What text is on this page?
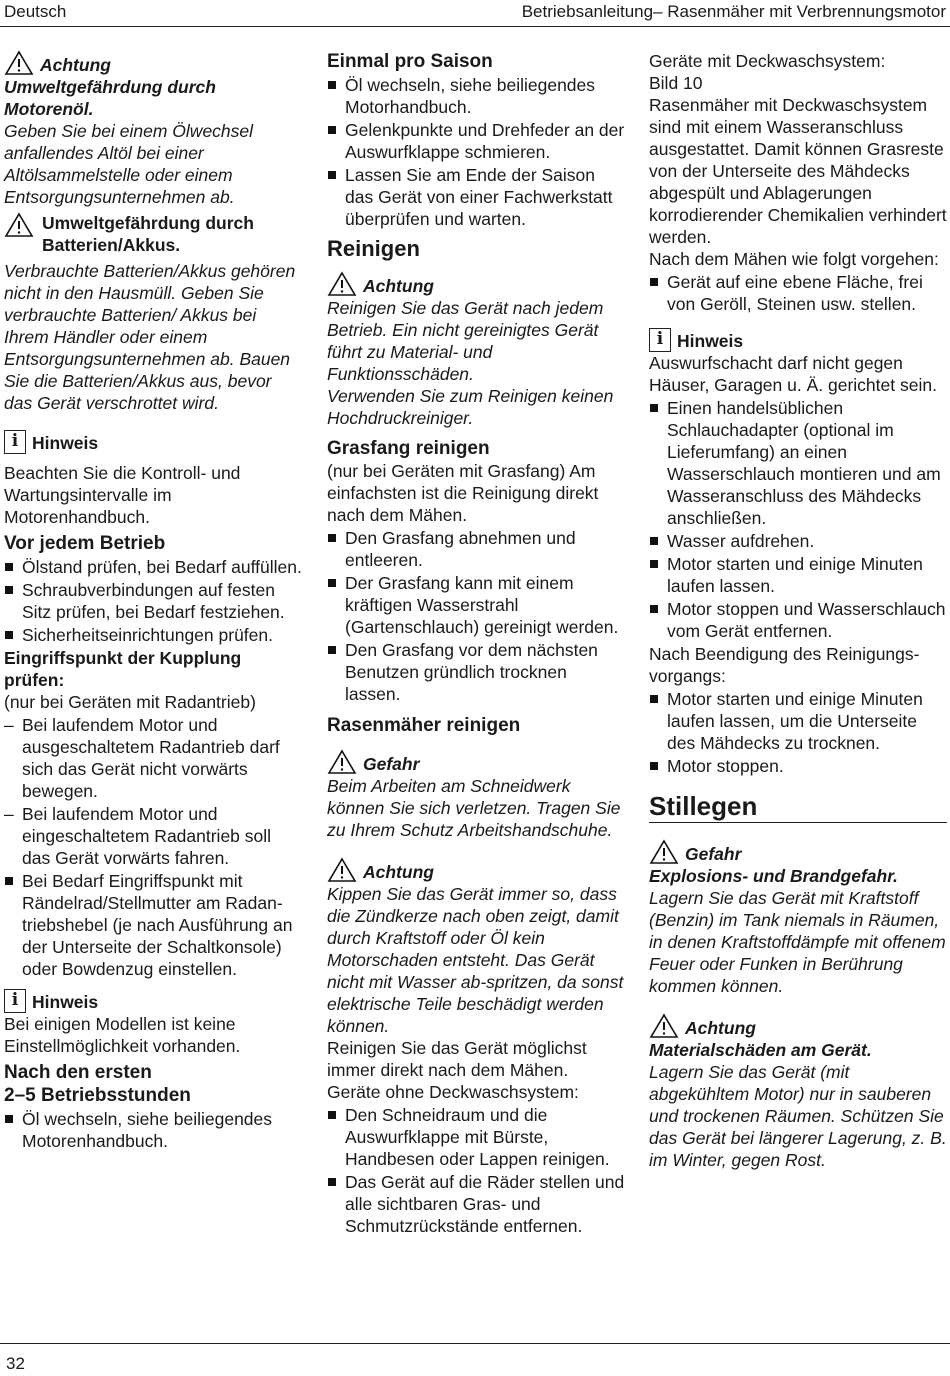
Deutsch	Betriebsanleitung– Rasenmäher mit Verbrennungsmotor
Achtung

Umweltgefährdung durch Motorenöl.

Geben Sie bei einem Ölwechsel anfallendes Altöl bei einer Altölsammelstelle oder einem Entsorgungsunternehmen ab.

Umweltgefährdung durch Batterien/Akkus.

Verbrauchte Batterien/Akkus gehören nicht in den Hausmüll. Geben Sie verbrauchte Batterien/ Akkus bei Ihrem Händler oder einem Entsorgungsunternehmen ab. Bauen Sie die Batterien/Akkus aus, bevor das Gerät verschrottet wird.

i Hinweis

Beachten Sie die Kontroll- und Wartungsintervalle im Motorenhandbuch.

Vor jedem Betrieb

Ölstand prüfen, bei Bedarf auffüllen.
Schraubverbindungen auf festen Sitz prüfen, bei Bedarf festziehen.
Sicherheitseinrichtungen prüfen.

Eingriffspunkt der Kupplung prüfen:

(nur bei Geräten mit Radantrieb)

– Bei laufendem Motor und ausgeschaltetem Radantrieb darf sich das Gerät nicht vorwärts bewegen.
– Bei laufendem Motor und eingeschaltetem Radantrieb soll das Gerät vorwärts fahren.
Bei Bedarf Eingriffspunkt mit Rändelrad/Stellmutter am Radan-triebshebel (je nach Ausführung an der Unterseite der Schaltkonsole) oder Bowdenzug einstellen.
i Hinweis

Bei einigen Modellen ist keine Einstellmöglichkeit vorhanden.

Nach den ersten

2–5 Betriebsstunden

Öl wechseln, siehe beiliegendes Motorenhandbuch.

Einmal pro Saison

Öl wechseln, siehe beiliegendes Motorhandbuch.
Gelenkpunkte und Drehfeder an der Auswurfklappe schmieren.
Lassen Sie am Ende der Saison das Gerät von einer Fachwerkstatt überprüfen und warten.

Reinigen

Achtung

Reinigen Sie das Gerät nach jedem Betrieb. Ein nicht gereinigtes Gerät führt zu Material- und Funktionsschäden.

Verwenden Sie zum Reinigen keinen Hochdruckreiniger.

Grasfang reinigen

(nur bei Geräten mit Grasfang) Am einfachsten ist die Reinigung direkt nach dem Mähen.

Den Grasfang abnehmen und entleeren.
Der Grasfang kann mit einem kräftigen Wasserstrahl (Gartenschlauch) gereinigt werden.
Den Grasfang vor dem nächsten Benutzen gründlich trocknen lassen.

Rasenmäher reinigen

Gefahr

Beim Arbeiten am Schneidwerk können Sie sich verletzen. Tragen Sie zu Ihrem Schutz Arbeitshandschuhe.

Achtung

Kippen Sie das Gerät immer so, dass die Zündkerze nach oben zeigt, damit durch Kraftstoff oder Öl kein Motorschaden entsteht. Das Gerät nicht mit Wasser ab-spritzen, da sonst elektrische Teile beschädigt werden können.

Reinigen Sie das Gerät möglichst immer direkt nach dem Mähen.

Geräte ohne Deckwaschsystem:

Den Schneidraum und die Auswurfklappe mit Bürste, Handbesen oder Lappen reinigen.
Das Gerät auf die Räder stellen und alle sichtbaren Gras- und Schmutzrückstände entfernen.

Geräte mit Deckwaschsystem:

Bild 10

Rasenmäher mit Deckwaschsystem sind mit einem Wasseranschluss ausgestattet. Damit können Grasreste von der Unterseite des Mähdecks abgespült und Ablagerungen korrodierender Chemikalien verhindert werden.

Nach dem Mähen wie folgt vorgehen:

Gerät auf eine ebene Fläche, frei von Geröll, Steinen usw. stellen.
i Hinweis

Auswurfschacht darf nicht gegen Häuser, Garagen u. Ä. gerichtet sein.

Einen handelsüblichen Schlauchadapter (optional im Lieferumfang) an einen Wasserschlauch montieren und am Wasseranschluss des Mähdecks anschließen.
Wasser aufdrehen.
Motor starten und einige Minuten laufen lassen.
Motor stoppen und Wasserschlauch vom Gerät entfernen.

Nach Beendigung des Reinigungs-vorgangs:

Motor starten und einige Minuten laufen lassen, um die Unterseite des Mähdecks zu trocknen.
Motor stoppen.

Stillegen

Gefahr

Explosions- und Brandgefahr.

Lagern Sie das Gerät mit Kraftstoff (Benzin) im Tank niemals in Räumen, in denen Kraftstoffdämpfe mit offenem Feuer oder Funken in Berührung kommen können.

Achtung

Materialschäden am Gerät.

Lagern Sie das Gerät (mit abgekühltem Motor) nur in sauberen und trockenen Räumen. Schützen Sie das Gerät bei längerer Lagerung, z. B. im Winter, gegen Rost.

32
